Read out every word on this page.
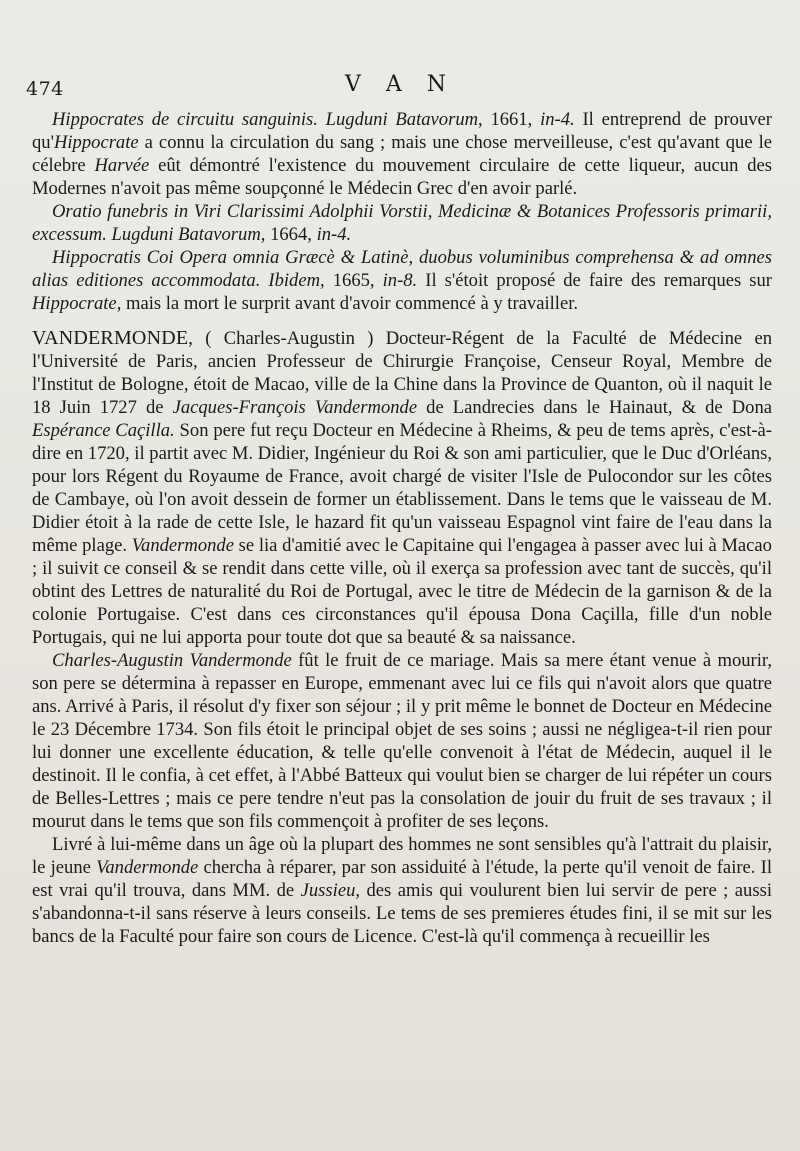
474	V A N

Hippocrates de circuitu sanguinis. Lugduni Batavorum, 1661, in-4. Il entreprend de prouver qu'Hippocrate a connu la circulation du sang ; mais une chose merveilleuse, c'est qu'avant que le célebre Harvée eût démontré l'existence du mouvement circulaire de cette liqueur, aucun des Modernes n'avoit pas même soupçonné le Médecin Grec d'en avoir parlé.

Oratio funebris in Viri Clarissimi Adolphii Vorstii, Medicinæ & Botanices Professoris primarii, excessum. Lugduni Batavorum, 1664, in-4.

Hippocratis Coi Opera omnia Græcè & Latinè, duobus voluminibus comprehensa & ad omnes alias editiones accommodata. Ibidem, 1665, in-8. Il s'étoit proposé de faire des remarques sur Hippocrate, mais la mort le surprit avant d'avoir commencé à y travailler.

VANDERMONDE, ( Charles-Augustin ) Docteur-Régent de la Faculté de Médecine en l'Université de Paris, ancien Professeur de Chirurgie Françoise, Censeur Royal, Membre de l'Institut de Bologne, étoit de Macao, ville de la Chine dans la Province de Quanton, où il naquit le 18 Juin 1727 de Jacques-François Vandermonde de Landrecies dans le Hainaut, & de Dona Espérance Caçilla. Son pere fut reçu Docteur en Médecine à Rheims, & peu de tems après, c'est-à-dire en 1720, il partit avec M. Didier, Ingénieur du Roi & son ami particulier, que le Duc d'Orléans, pour lors Régent du Royaume de France, avoit chargé de visiter l'Isle de Pulocondor sur les côtes de Cambaye, où l'on avoit dessein de former un établissement. Dans le tems que le vaisseau de M. Didier étoit à la rade de cette Isle, le hazard fit qu'un vaisseau Espagnol vint faire de l'eau dans la même plage. Vandermonde se lia d'amitié avec le Capitaine qui l'engagea à passer avec lui à Macao ; il suivit ce conseil & se rendit dans cette ville, où il exerça sa profession avec tant de succès, qu'il obtint des Lettres de naturalité du Roi de Portugal, avec le titre de Médecin de la garnison & de la colonie Portugaise. C'est dans ces circonstances qu'il épousa Dona Caçilla, fille d'un noble Portugais, qui ne lui apporta pour toute dot que sa beauté & sa naissance.

Charles-Augustin Vandermonde fût le fruit de ce mariage. Mais sa mere étant venue à mourir, son pere se détermina à repasser en Europe, emmenant avec lui ce fils qui n'avoit alors que quatre ans. Arrivé à Paris, il résolut d'y fixer son séjour ; il y prit même le bonnet de Docteur en Médecine le 23 Décembre 1734. Son fils étoit le principal objet de ses soins ; aussi ne négligea-t-il rien pour lui donner une excellente éducation, & telle qu'elle convenoit à l'état de Médecin, auquel il le destinoit. Il le confia, à cet effet, à l'Abbé Batteux qui voulut bien se charger de lui répéter un cours de Belles-Lettres ; mais ce pere tendre n'eut pas la consolation de jouir du fruit de ses travaux ; il mourut dans le tems que son fils commençoit à profiter de ses leçons.

Livré à lui-même dans un âge où la plupart des hommes ne sont sensibles qu'à l'attrait du plaisir, le jeune Vandermonde chercha à réparer, par son assiduité à l'étude, la perte qu'il venoit de faire. Il est vrai qu'il trouva, dans MM. de Jussieu, des amis qui voulurent bien lui servir de pere ; aussi s'abandonna-t-il sans réserve à leurs conseils. Le tems de ses premieres études fini, il se mit sur les bancs de la Faculté pour faire son cours de Licence. C'est-là qu'il commença à recueillir les
